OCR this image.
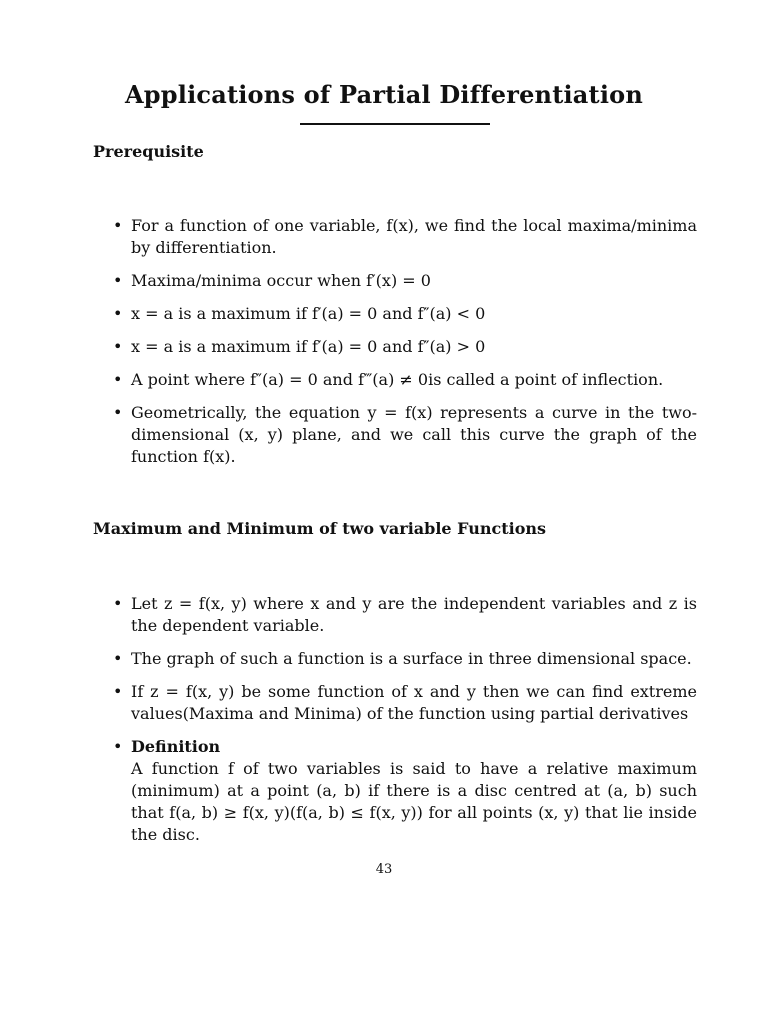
Applications of Partial Differentiation
Prerequisite
• For a function of one variable, f(x), we find the local maxima/minima by differentiation.
• Maxima/minima occur when f′(x) = 0
• x = a is a maximum if f′(a) = 0 and f″(a) < 0
• x = a is a maximum if f′(a) = 0 and f″(a) > 0
• A point where f″(a) = 0 and f‴(a) ≠ 0is called a point of inflection.
• Geometrically, the equation y = f(x) represents a curve in the two-dimensional (x, y) plane, and we call this curve the graph of the function f(x).
Maximum and Minimum of two variable Functions
• Let z = f(x, y) where x and y are the independent variables and z is the dependent variable.
• The graph of such a function is a surface in three dimensional space.
• If z = f(x, y) be some function of x and y then we can find extreme values(Maxima and Minima) of the function using partial derivatives
• Definition
A function f of two variables is said to have a relative maximum (minimum) at a point (a, b) if there is a disc centred at (a, b) such that f(a, b) ≥ f(x, y)(f(a, b) ≤ f(x, y)) for all points (x, y) that lie inside the disc.
43
